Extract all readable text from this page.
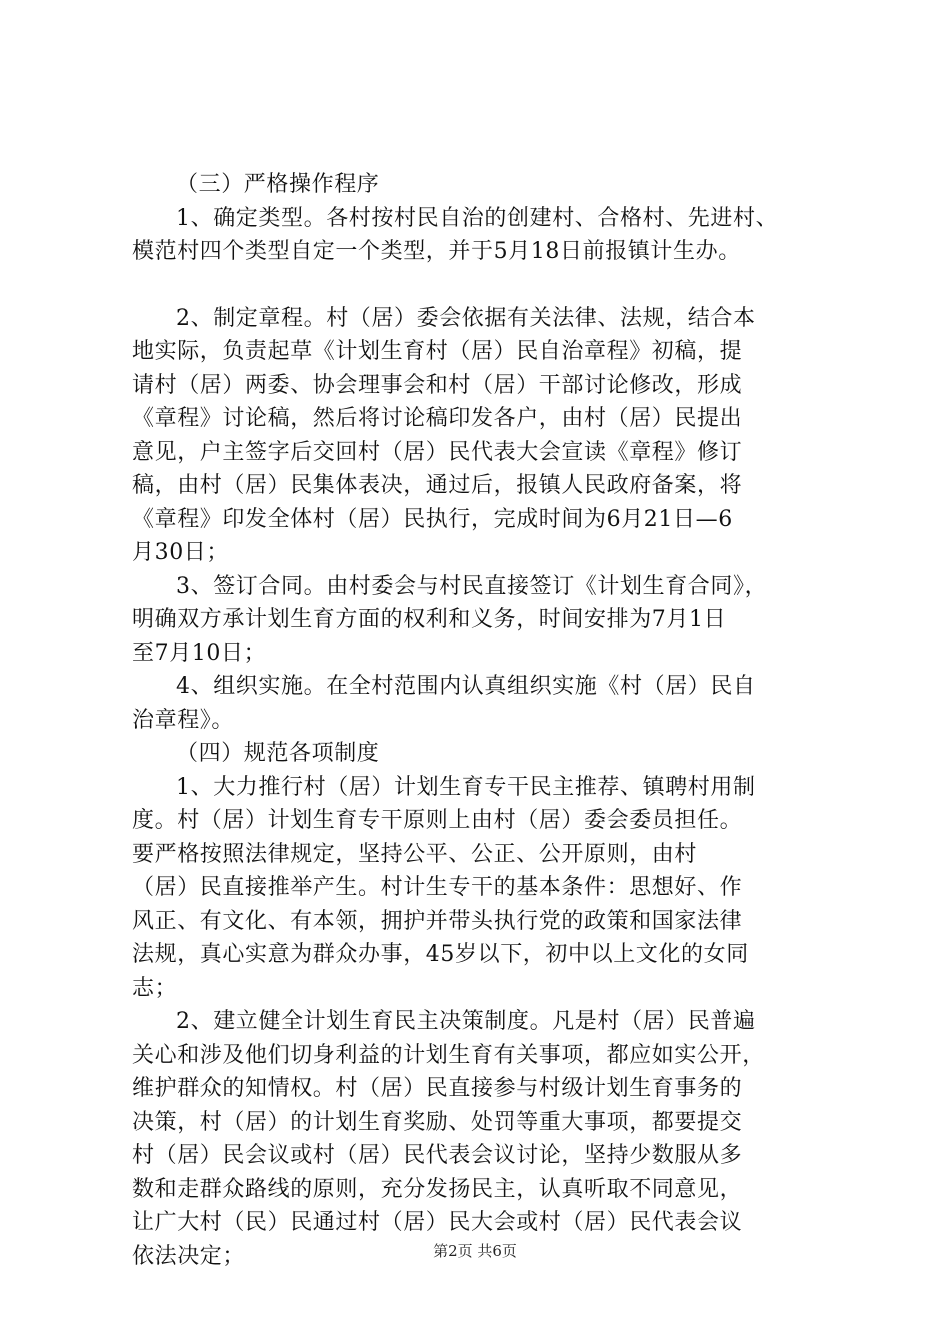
（三）严格操作程序
1、确定类型。各村按村民自治的创建村、合格村、先进村、
模范村四个类型自定一个类型，并于5月18日前报镇计生办。
2、制定章程。村（居）委会依据有关法律、法规，结合本
地实际，负责起草《计划生育村（居）民自治章程》初稿，提
请村（居）两委、协会理事会和村（居）干部讨论修改，形成
《章程》讨论稿，然后将讨论稿印发各户，由村（居）民提出
意见，户主签字后交回村（居）民代表大会宣读《章程》修订
稿，由村（居）民集体表决，通过后，报镇人民政府备案，将
《章程》印发全体村（居）民执行，完成时间为6月21日—6
月30日；
3、签订合同。由村委会与村民直接签订《计划生育合同》，
明确双方承计划生育方面的权利和义务，时间安排为7月1日
至7月10日；
4、组织实施。在全村范围内认真组织实施《村（居）民自
治章程》。
（四）规范各项制度
1、大力推行村（居）计划生育专干民主推荐、镇聘村用制
度。村（居）计划生育专干原则上由村（居）委会委员担任。
要严格按照法律规定，坚持公平、公正、公开原则，由村
（居）民直接推举产生。村计生专干的基本条件：思想好、作
风正、有文化、有本领，拥护并带头执行党的政策和国家法律
法规，真心实意为群众办事，45岁以下，初中以上文化的女同
志；
2、建立健全计划生育民主决策制度。凡是村（居）民普遍
关心和涉及他们切身利益的计划生育有关事项，都应如实公开，
维护群众的知情权。村（居）民直接参与村级计划生育事务的
决策，村（居）的计划生育奖励、处罚等重大事项，都要提交
村（居）民会议或村（居）民代表会议讨论，坚持少数服从多
数和走群众路线的原则，充分发扬民主，认真听取不同意见，
让广大村（民）民通过村（居）民大会或村（居）民代表会议
依法决定；	第2页 共6页
